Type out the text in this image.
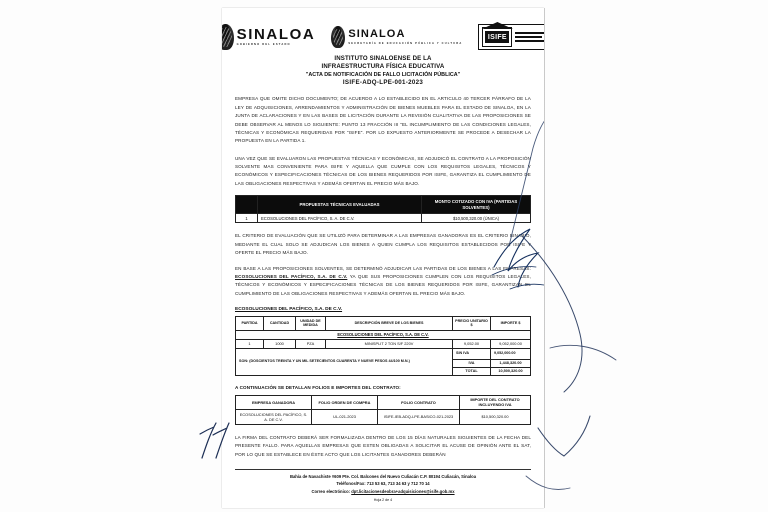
SINALOA
GOBIERNO DEL ESTADO
SINALOA
SECRETARÍA DE EDUCACIÓN PÚBLICA Y CULTURA
ISIFE
INSTITUTO SINALOENSE DE LA
INFRAESTRUCTURA FÍSICA EDUCATIVA
"ACTA DE NOTIFICACIÓN DE FALLO LICITACIÓN PÚBLICA"
ISIFE-ADQ-LPE-001-2023
EMPRESA QUE OMITE DICHO DOCUMENTO; DE ACUERDO A LO ESTABLECIDO EN EL ARTICULO 40 TERCER PÁRRAFO DE LA LEY DE ADQUISICIONES, ARRENDAMIENTOS Y ADMINISTRACIÓN DE BIENES MUEBLES PARA EL ESTADO DE SINALOA, EN LA JUNTA DE ACLARACIONES Y EN LAS BASES DE LICITACIÓN DURANTE LA REVISIÓN CUALITATIVA DE LAS PROPOSICIONES SE DEBE OBSERVAR AL MENOS LO SIGUIENTE: PUNTO 13 FRACCIÓN III "EL INCUMPLIMIENTO DE LAS CONDICIONES LEGALES, TÉCNICAS Y ECONÓMICAS REQUERIDAS POR "ISIFE". POR LO EXPUESTO ANTERIORMENTE SE PROCEDE A DESECHAR LA PROPUESTA EN LA PARTIDA 1.
UNA VEZ QUE SE EVALUARON LAS PROPUESTAS TÉCNICAS Y ECONÓMICAS, SE ADJUDICÓ EL CONTRATO A LA PROPOSICIÓN SOLVENTE MAS CONVENIENTE PARA ISIFE Y AQUELLA QUE CUMPLE CON LOS REQUISITOS LEGALES, TÉCNICOS Y ECONÓMICOS Y ESPECIFICACIONES TÉCNICAS DE LOS BIENES REQUERIDOS POR ISIFE, GARANTIZA EL CUMPLIMIENTO DE LAS OBLIGACIONES RESPECTIVAS Y ADEMÁS OFERTAN EL PRECIO MÁS BAJO.
	PROPUESTAS TÉCNICAS EVALUADAS	MONTO COTIZADO CON IVA (PARTIDAS SOLVENTES)
1	ECOSOLUCIONES DEL PACÍFICO, S. A. DE C.V.	$10,500,320.00 (ÚNICA)
EL CRITERIO DE EVALUACIÓN QUE SE UTILIZÓ PARA DETERMINAR A LAS EMPRESAS GANADORAS ES EL CRITERIO BINARIO, MEDIANTE EL CUAL SOLO SE ADJUDICAN LOS BIENES A QUIEN CUMPLA LOS REQUISITOS ESTABLECIDOS POR ISIFE Y OFERTE EL PRECIO MÁS BAJO.
EN BASE A LAS PROPOSICIONES SOLVENTES, SE DETERMINÓ ADJUDICAR LAS PARTIDAS DE LOS BIENES A LAS EMPRESAS: ECOSOLUCIONES DEL PACÍFICO, S.A. DE C.V. YA QUE SUS PROPOSICIONES CUMPLEN CON LOS REQUISITOS LEGALES, TÉCNICOS Y ECONÓMICOS Y ESPECIFICACIONES TÉCNICAS DE LOS BIENES REQUERIDOS POR ISIFE, GARANTIZAN EL CUMPLIMIENTO DE LAS OBLIGACIONES RESPECTIVAS Y ADEMÁS OFERTAN EL PRECIO MÁS BAJO.
ECOSOLUCIONES DEL PACÍFICO, S.A. DE C.V.
ECOSOLUCIONES DEL PACÍFICO, S.A. DE C.V.					
PARTIDA	CANTIDAD	UNIDAD DE MEDIDA	DESCRIPCIÓN BREVE DE LOS BIENES	PRECIO UNITARIO $	IMPORTE $
1	1000	PZA	MINISPLIT 2 TON S/F 220V	9,052.00	9,052,000.00
SON: (DOSCIENTOS TREINTA Y UN MIL SETECIENTOS CUARENTA Y NUEVE PESOS 44/100 M.N.)				SIN IVA	9,052,000.00
				IVA	1,448,320.00
				TOTAL	10,500,320.00
A CONTINUACIÓN SE DETALLAN FOLIOS E IMPORTES DEL CONTRATO:
EMPRESA GANADORA	FOLIO ORDEN DE COMPRA	FOLIO CONTRATO	IMPORTE DEL CONTRATO INCLUYENDO IVA
ECOSOLUCIONES DEL PACÍFICO, S. A. DE C.V.	UL-021-2023	ISIFE-IEB-ADQ-LPE-BASICO-021-2023	$10,500,320.00
LA FIRMA DEL CONTRATO DEBERÁ SER FORMALIZADA DENTRO DE LOS 15 DÍAS NATURALES SIGUIENTES DE LA FECHA DEL PRESENTE FALLO. PARA AQUELLAS EMPRESAS QUE ESTEN OBLIGADAS A SOLICITAR EL ACUSE DE OPINIÓN ANTE EL SAT, POR LO QUE SE ESTABLECE EN ÉSTE ACTO QUE LOS LICITANTES GANADORES DEBERÁN
Bahía de Navachiste #609 Pte. Col. Balcones del Nuevo Culiacán C.P. 80194 Culiacán, Sinaloa
Teléfonos/Fax: 713 53 63, 713 34 63 y 712 70 14
Correo electrónico: dpt.licitacionesdeobra+adquisiciones@isife.gob.mx
Hoja 2 de 4
